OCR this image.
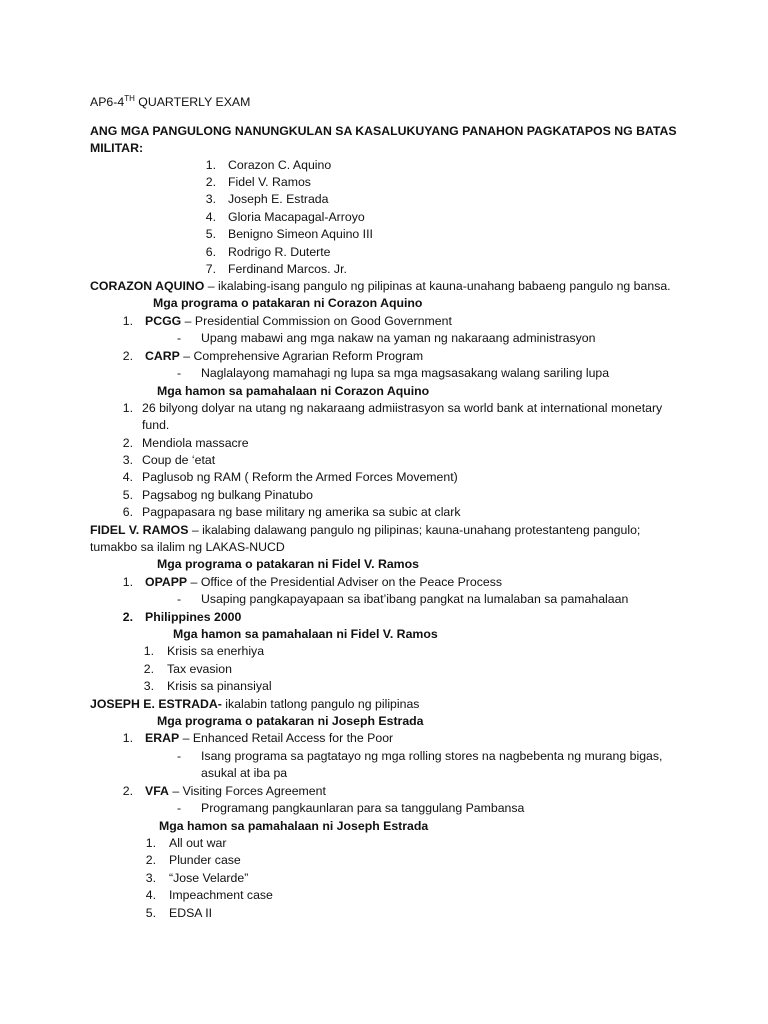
AP6-4TH QUARTERLY EXAM
ANG MGA PANGULONG NANUNGKULAN SA KASALUKUYANG PANAHON PAGKATAPOS NG BATAS
MILITAR:
1. Corazon C. Aquino
2. Fidel V. Ramos
3. Joseph E. Estrada
4. Gloria Macapagal-Arroyo
5. Benigno Simeon Aquino III
6. Rodrigo R. Duterte
7. Ferdinand Marcos. Jr.
CORAZON AQUINO – ikalabing-isang pangulo ng pilipinas at kauna-unahang babaeng pangulo ng bansa.
Mga programa o patakaran ni Corazon Aquino
1. PCGG – Presidential Commission on Good Government
- Upang mabawi ang mga nakaw na yaman ng nakaraang administrasyon
2. CARP – Comprehensive Agrarian Reform Program
- Naglalayong mamahagi ng lupa sa mga magsasakang walang sariling lupa
Mga hamon sa pamahalaan ni Corazon Aquino
1. 26 bilyong dolyar na utang ng nakaraang admiistrasyon sa world bank at international monetary
fund.
2. Mendiola massacre
3. Coup de ‘etat
4. Paglusob ng RAM ( Reform the Armed Forces Movement)
5. Pagsabog ng bulkang Pinatubo
6. Pagpapasara ng base military ng amerika sa subic at clark
FIDEL V. RAMOS – ikalabing dalawang pangulo ng pilipinas; kauna-unahang protestanteng pangulo;
tumakbo sa ilalim ng LAKAS-NUCD
Mga programa o patakaran ni Fidel V. Ramos
1. OPAPP – Office of the Presidential Adviser on the Peace Process
- Usaping pangkapayapaan sa ibat’ibang pangkat na lumalaban sa pamahalaan
2. Philippines 2000
Mga hamon sa pamahalaan ni Fidel V. Ramos
1. Krisis sa enerhiya
2. Tax evasion
3. Krisis sa pinansiyal
JOSEPH E. ESTRADA- ikalabin tatlong pangulo ng pilipinas
Mga programa o patakaran ni Joseph Estrada
1. ERAP – Enhanced Retail Access for the Poor
- Isang programa sa pagtatayo ng mga rolling stores na nagbebenta ng murang bigas,
asukal at iba pa
2. VFA – Visiting Forces Agreement
- Programang pangkaunlaran para sa tanggulang Pambansa
Mga hamon sa pamahalaan ni Joseph Estrada
1. All out war
2. Plunder case
3. “Jose Velarde”
4. Impeachment case
5. EDSA II
